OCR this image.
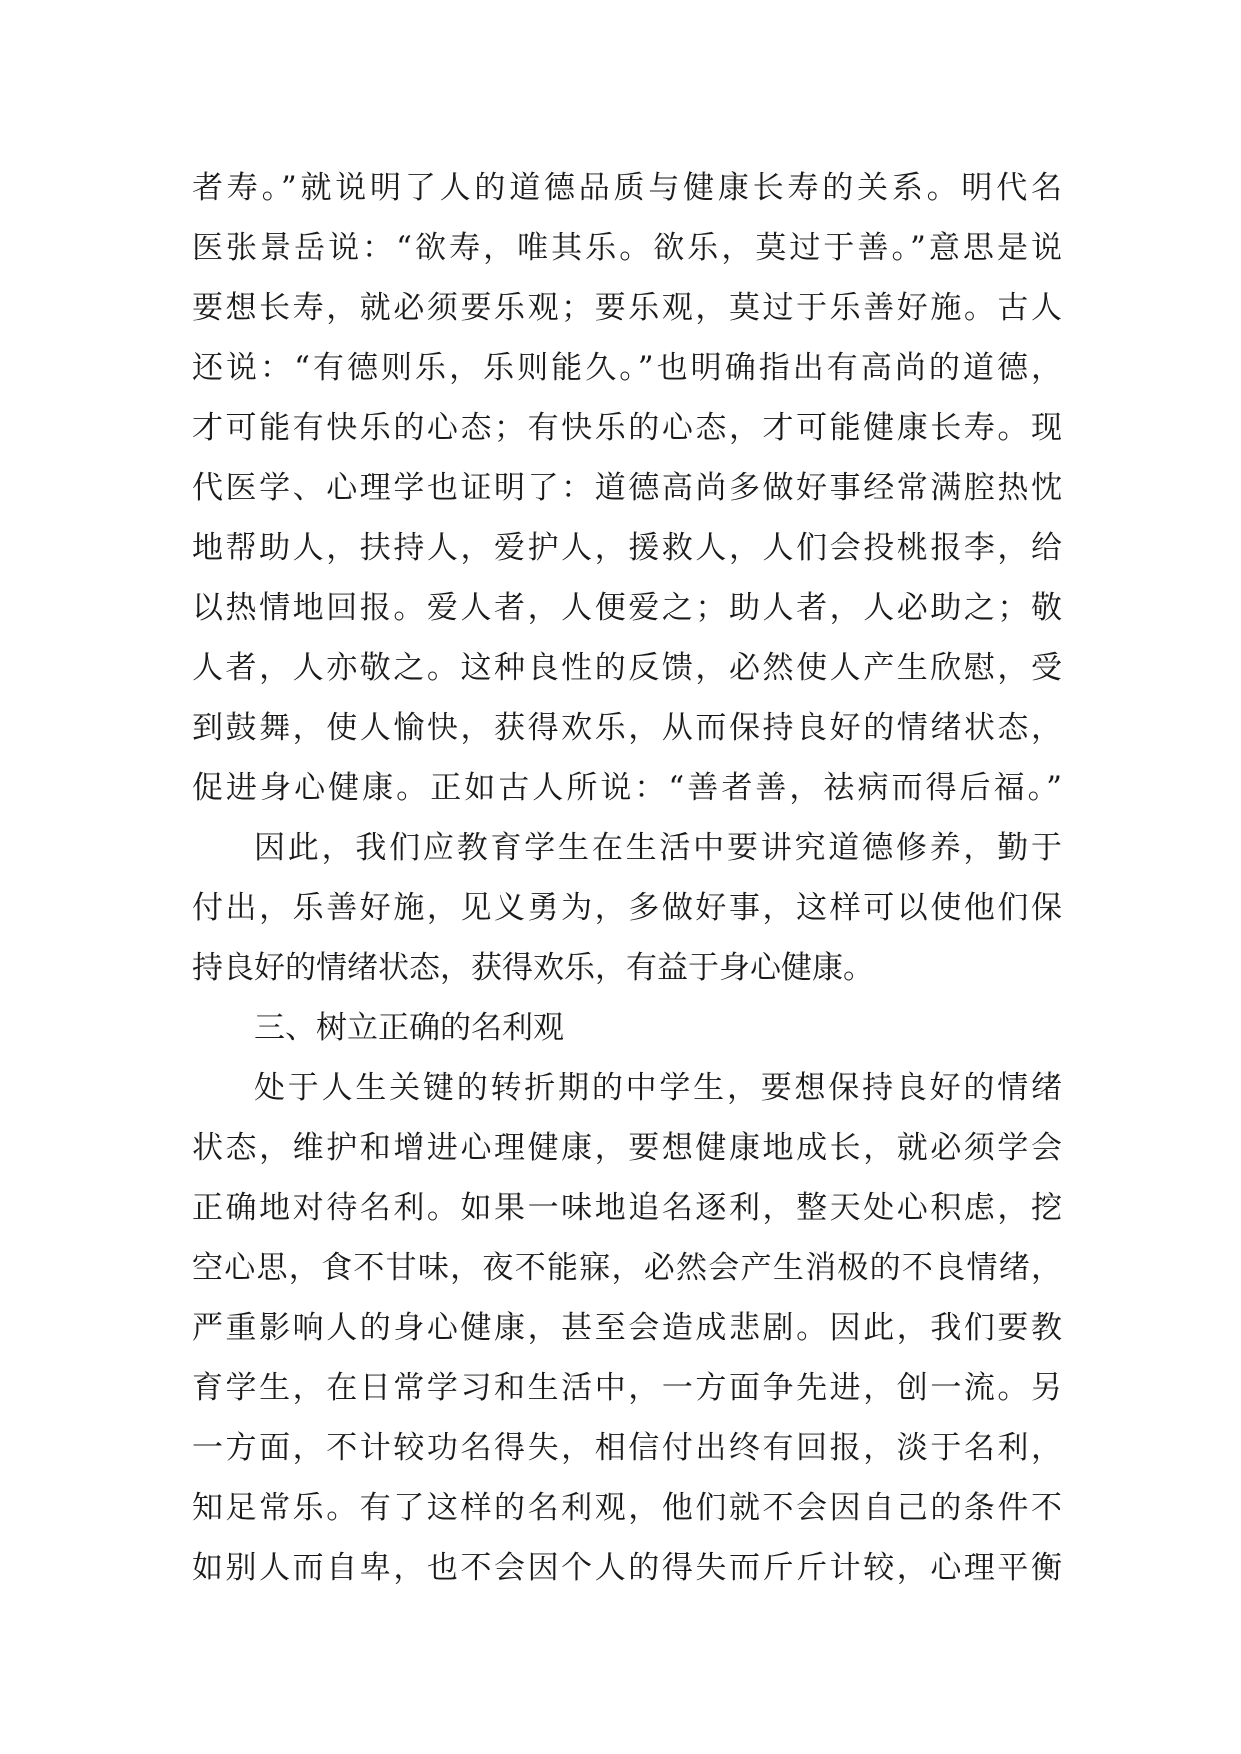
者寿。”就说明了人的道德品质与健康长寿的关系。明代名
医张景岳说：“欲寿，唯其乐。欲乐，莫过于善。”意思是说
要想长寿，就必须要乐观；要乐观，莫过于乐善好施。古人
还说：“有德则乐，乐则能久。”也明确指出有高尚的道德，
才可能有快乐的心态；有快乐的心态，才可能健康长寿。现
代医学、心理学也证明了：道德高尚多做好事经常满腔热忱
地帮助人，扶持人，爱护人，援救人，人们会投桃报李，给
以热情地回报。爱人者，人便爱之；助人者，人必助之；敬
人者，人亦敬之。这种良性的反馈，必然使人产生欣慰，受
到鼓舞，使人愉快，获得欢乐，从而保持良好的情绪状态，
促进身心健康。正如古人所说：“善者善，祛病而得后福。”
因此，我们应教育学生在生活中要讲究道德修养，勤于
付出，乐善好施，见义勇为，多做好事，这样可以使他们保
持良好的情绪状态，获得欢乐，有益于身心健康。
三、树立正确的名利观
处于人生关键的转折期的中学生，要想保持良好的情绪
状态，维护和增进心理健康，要想健康地成长，就必须学会
正确地对待名利。如果一味地追名逐利，整天处心积虑，挖
空心思，食不甘味，夜不能寐，必然会产生消极的不良情绪，
严重影响人的身心健康，甚至会造成悲剧。因此，我们要教
育学生，在日常学习和生活中，一方面争先进，创一流。另
一方面，不计较功名得失，相信付出终有回报，淡于名利，
知足常乐。有了这样的名利观，他们就不会因自己的条件不
如别人而自卑，也不会因个人的得失而斤斤计较，心理平衡
